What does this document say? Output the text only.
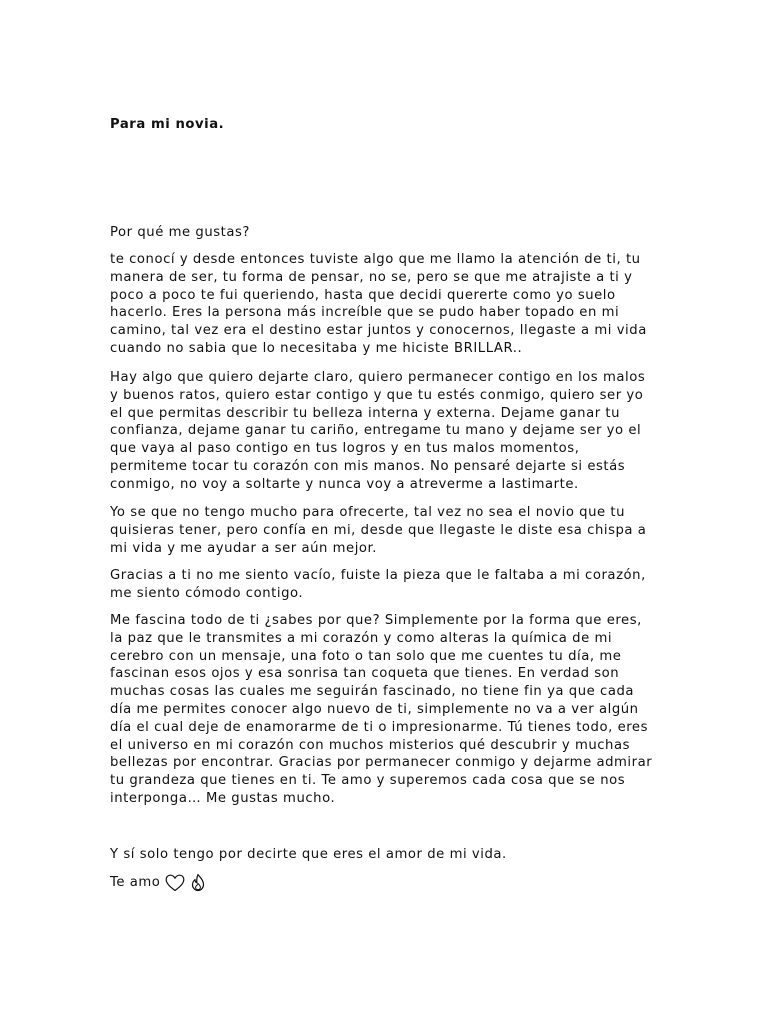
Para mi novia.

Por qué me gustas?

te conocí y desde entonces tuviste algo que me llamo la atención de ti, tu manera de ser, tu forma de pensar, no se, pero se que me atrajiste a ti y poco a poco te fui queriendo, hasta que decidi quererte como yo suelo hacerlo. Eres la persona más increíble que se pudo haber topado en mi camino, tal vez era el destino estar juntos y conocernos, llegaste a mi vida cuando no sabia que lo necesitaba y me hiciste BRILLAR..

Hay algo que quiero dejarte claro, quiero permanecer contigo en los malos y buenos ratos, quiero estar contigo y que tu estés conmigo, quiero ser yo el que permitas describir tu belleza interna y externa. Dejame ganar tu confianza, dejame ganar tu cariño, entregame tu mano y dejame ser yo el que vaya al paso contigo en tus logros y en tus malos momentos, permiteme tocar tu corazón con mis manos. No pensaré dejarte si estás conmigo, no voy a soltarte y nunca voy a atreverme a lastimarte.

Yo se que no tengo mucho para ofrecerte, tal vez no sea el novio que tu quisieras tener, pero confía en mi, desde que llegaste le diste esa chispa a mi vida y me ayudar a ser aún mejor.

Gracias a ti no me siento vacío, fuiste la pieza que le faltaba a mi corazón, me siento cómodo contigo.

Me fascina todo de ti ¿sabes por que? Simplemente por la forma que eres, la paz que le transmites a mi corazón y como alteras la química de mi cerebro con un mensaje, una foto o tan solo que me cuentes tu día, me fascinan esos ojos y esa sonrisa tan coqueta que tienes. En verdad son muchas cosas las cuales me seguirán fascinado, no tiene fin ya que cada día me permites conocer algo nuevo de ti, simplemente no va a ver algún día el cual deje de enamorarme de ti o impresionarme. Tú tienes todo, eres el universo en mi corazón con muchos misterios qué descubrir y muchas bellezas por encontrar. Gracias por permanecer conmigo y dejarme admirar tu grandeza que tienes en ti. Te amo y superemos cada cosa que se nos interponga… Me gustas mucho.

Y sí solo tengo por decirte que eres el amor de mi vida.

Te amo
